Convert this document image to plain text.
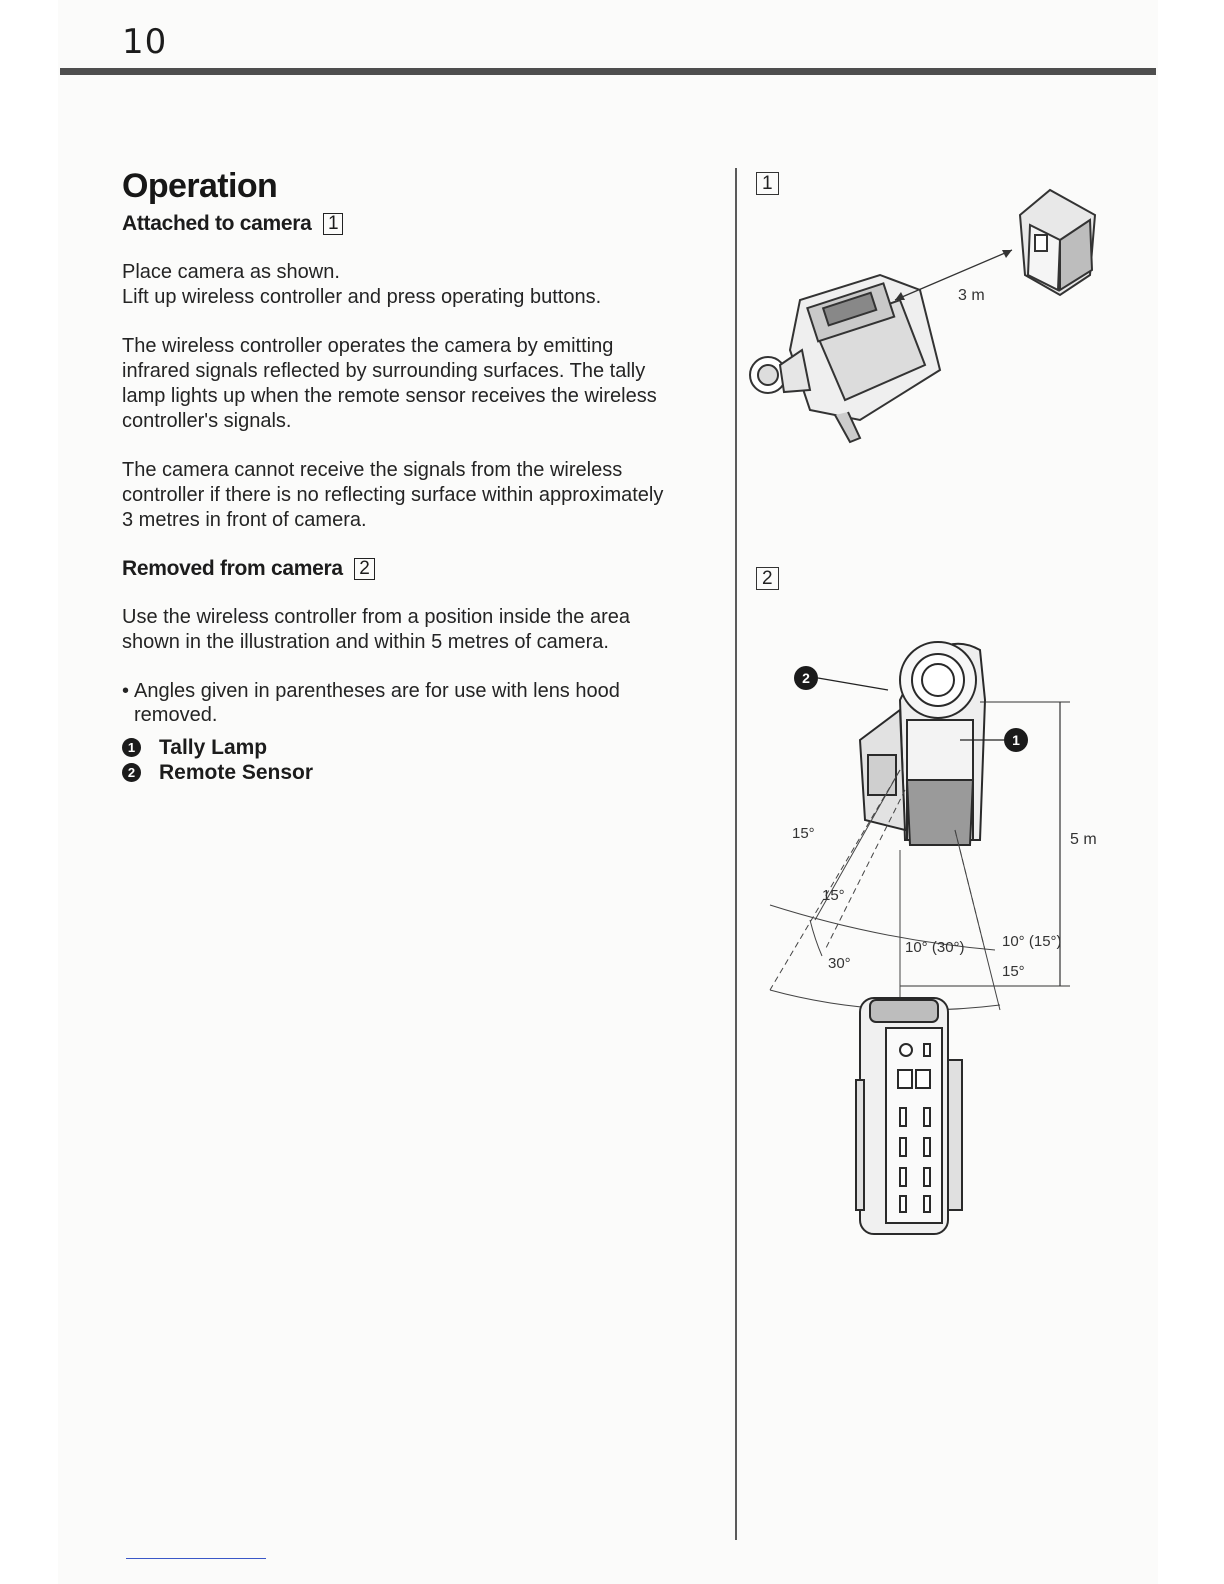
10
Operation
Attached to camera 1

Place camera as shown.
Lift up wireless controller and press operating buttons.

The wireless controller operates the camera by emitting
infrared signals reflected by surrounding surfaces. The tally
lamp lights up when the remote sensor receives the wireless
controller's signals.

The camera cannot receive the signals from the wireless
controller if there is no reflecting surface within approximately
3 metres in front of camera.

Removed from camera 2

Use the wireless controller from a position inside the area
shown in the illustration and within 5 metres of camera.

• Angles given in parentheses are for use with lens hood
removed.
1 Tally Lamp
2 Remote Sensor
1
3 m
2
2
1
5 m
15°
15°
30°
10° (30°) 10° (15°)
15°
